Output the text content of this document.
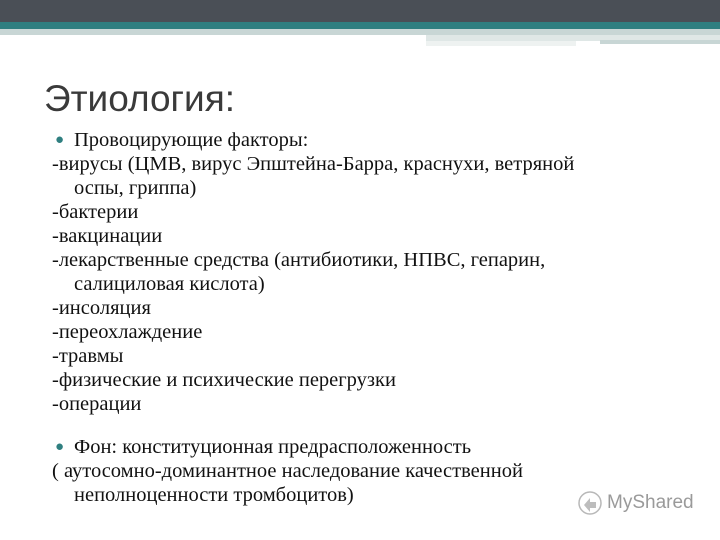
Этиология:
● Провоцирующие факторы:
-вирусы (ЦМВ, вирус Эпштейна-Барра, краснухи, ветряной
оспы, гриппа)
-бактерии
-вакцинации
-лекарственные средства (антибиотики, НПВС, гепарин,
салициловая кислота)
-инсоляция
-переохлаждение
-травмы
-физические и психические перегрузки
-операции
● Фон: конституционная предрасположенность
( аутосомно-доминантное наследование качественной
неполноценности тромбоцитов)	MyShared
